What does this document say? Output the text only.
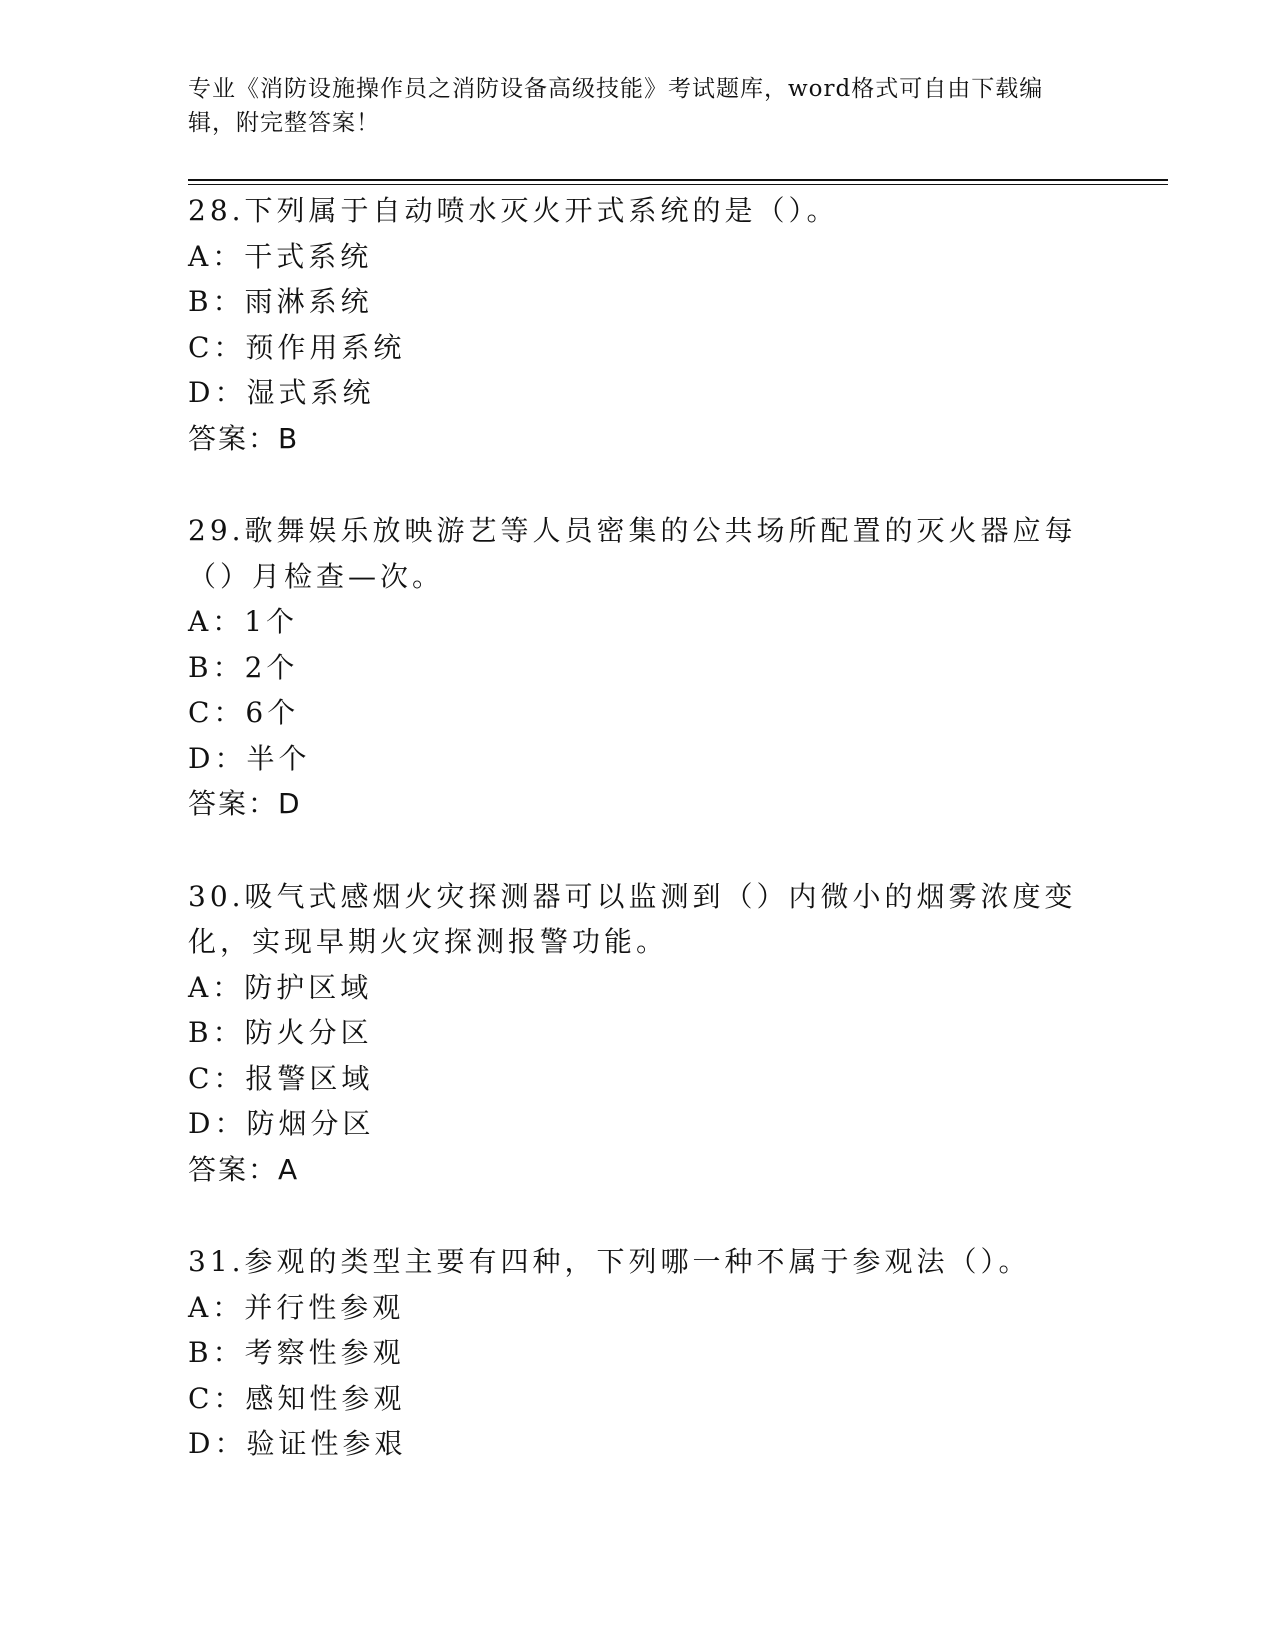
专业《消防设施操作员之消防设备高级技能》考试题库，word格式可自由下载编辑，附完整答案！
28.下列属于自动喷水灭火开式系统的是（）。
A：干式系统
B：雨淋系统
C：预作用系统
D：湿式系统
答案：B
29.歌舞娱乐放映游艺等人员密集的公共场所配置的灭火器应每（）月检查—次。
A：1个
B：2个
C：6个
D：半个
答案：D
30.吸气式感烟火灾探测器可以监测到（）内微小的烟雾浓度变化，实现早期火灾探测报警功能。
A：防护区域
B：防火分区
C：报警区域
D：防烟分区
答案：A
31.参观的类型主要有四种，下列哪一种不属于参观法（）。
A：并行性参观
B：考察性参观
C：感知性参观
D：验证性参艰
